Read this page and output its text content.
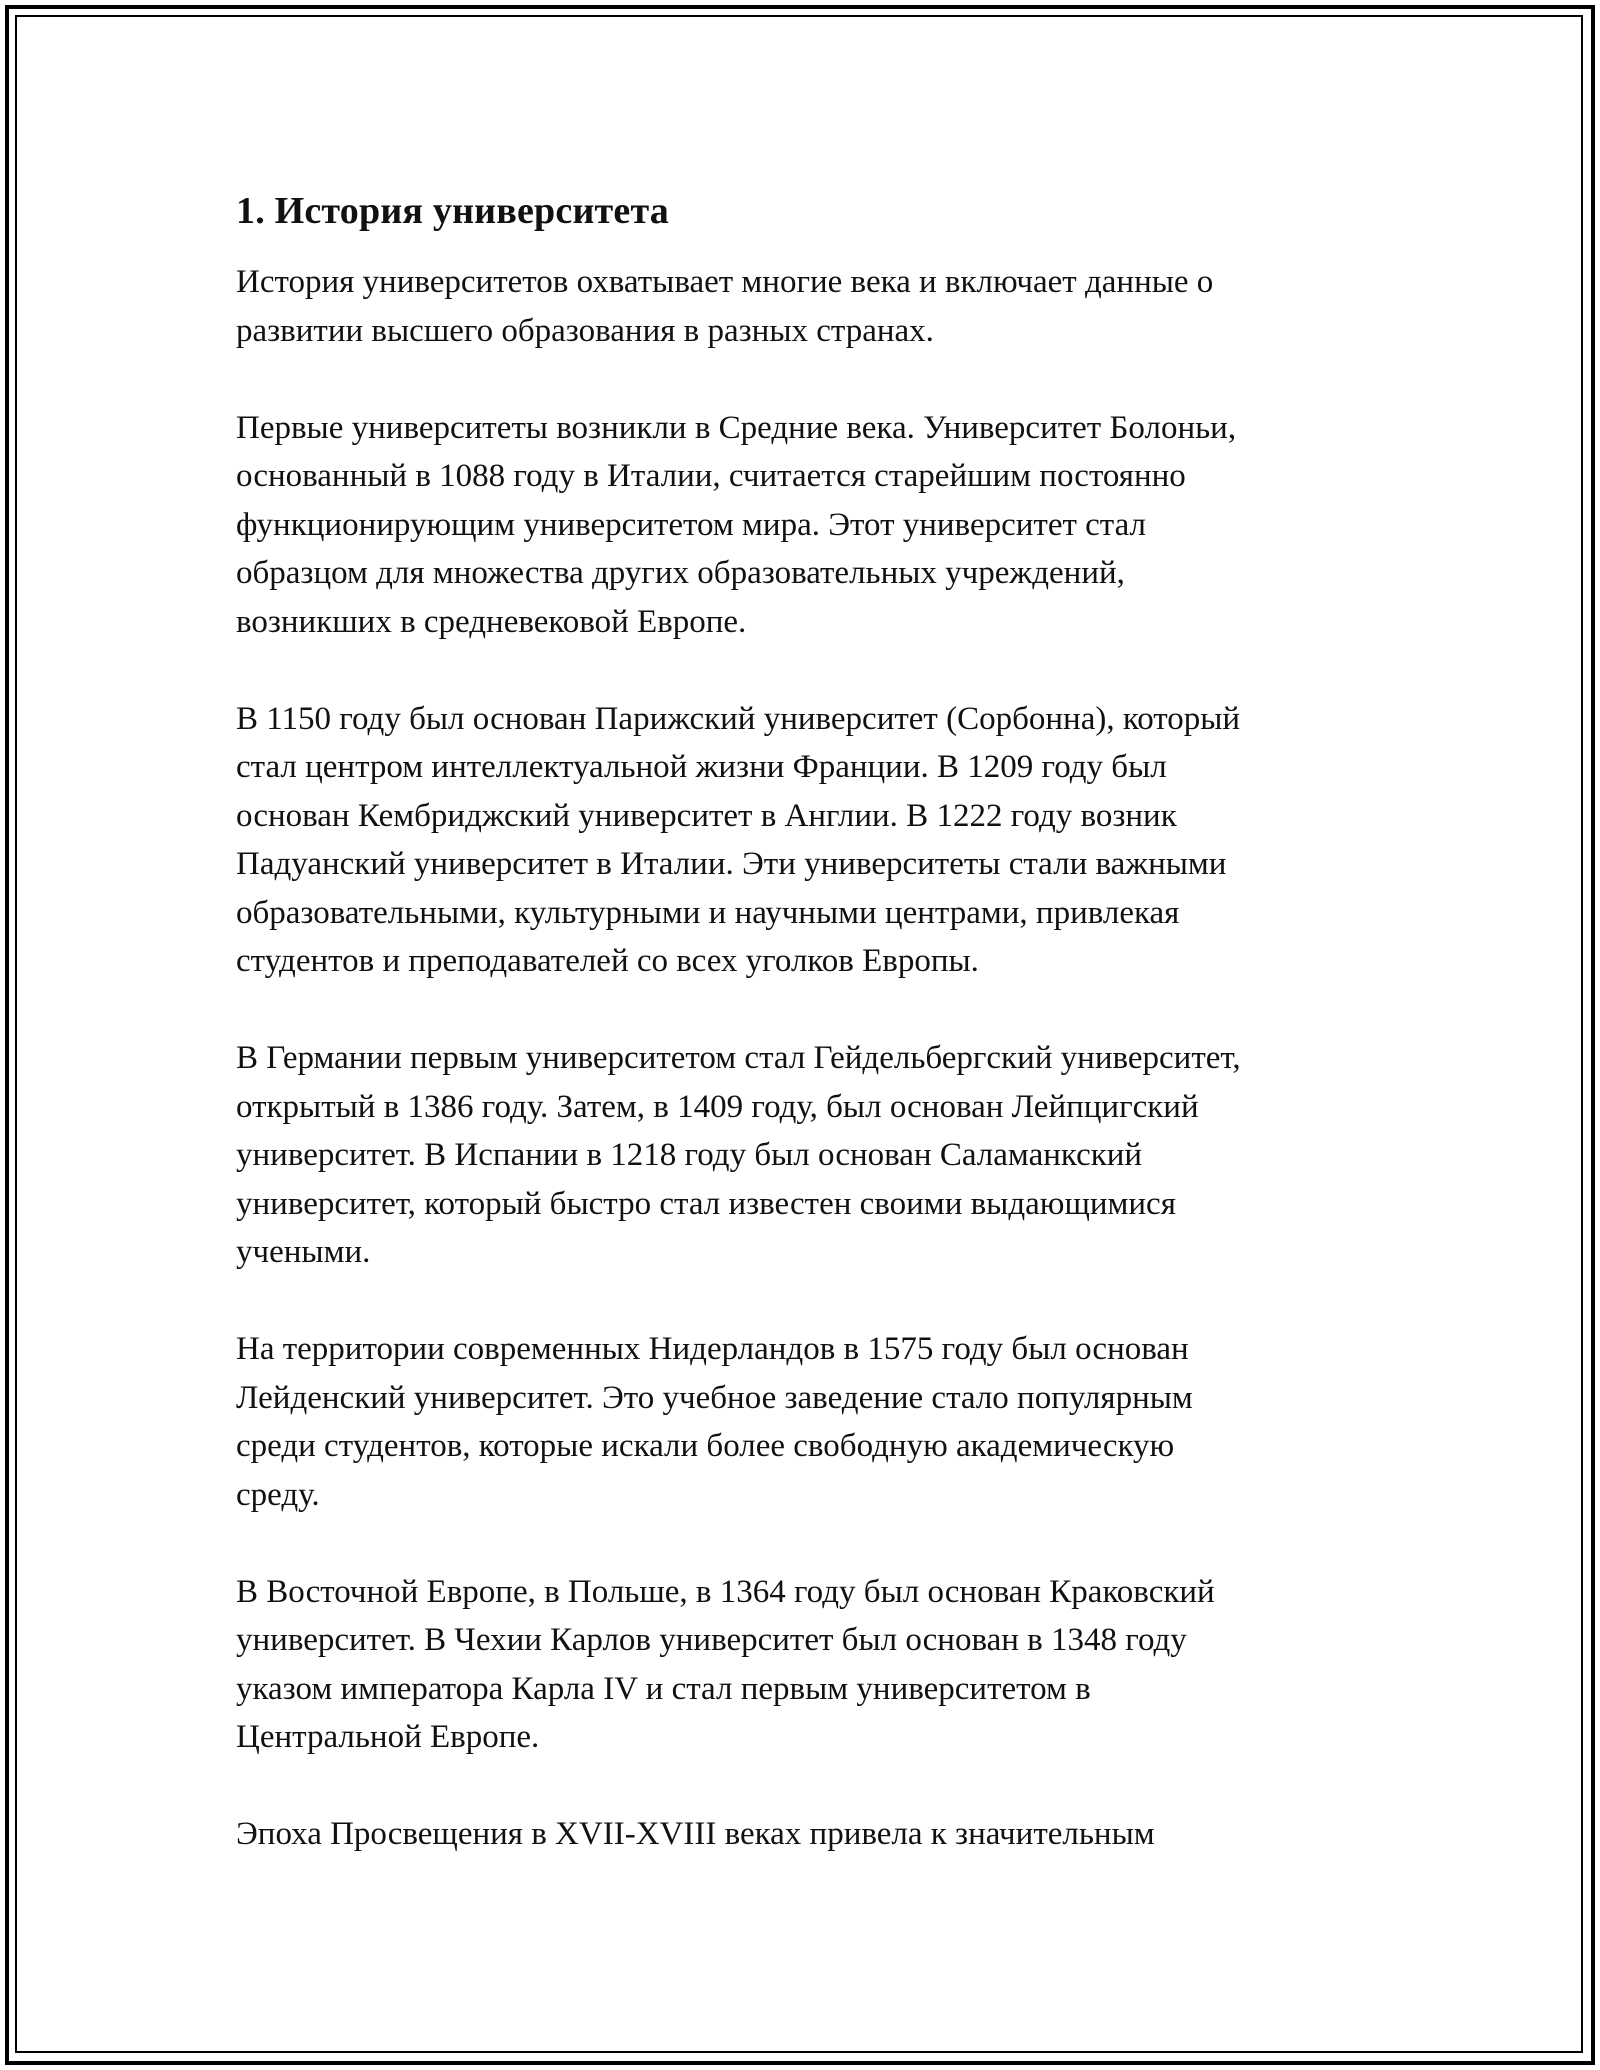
1. История университета

История университетов охватывает многие века и включает данные о
развитии высшего образования в разных странах.

Первые университеты возникли в Средние века. Университет Болоньи,
основанный в 1088 году в Италии, считается старейшим постоянно
функционирующим университетом мира. Этот университет стал
образцом для множества других образовательных учреждений,
возникших в средневековой Европе.

В 1150 году был основан Парижский университет (Сорбонна), который
стал центром интеллектуальной жизни Франции. В 1209 году был
основан Кембриджский университет в Англии. В 1222 году возник
Падуанский университет в Италии. Эти университеты стали важными
образовательными, культурными и научными центрами, привлекая
студентов и преподавателей со всех уголков Европы.

В Германии первым университетом стал Гейдельбергский университет,
открытый в 1386 году. Затем, в 1409 году, был основан Лейпцигский
университет. В Испании в 1218 году был основан Саламанкский
университет, который быстро стал известен своими выдающимися
учеными.

На территории современных Нидерландов в 1575 году был основан
Лейденский университет. Это учебное заведение стало популярным
среди студентов, которые искали более свободную академическую
среду.

В Восточной Европе, в Польше, в 1364 году был основан Краковский
университет. В Чехии Карлов университет был основан в 1348 году
указом императора Карла IV и стал первым университетом в
Центральной Европе.

Эпоха Просвещения в XVII-XVIII веках привела к значительным
